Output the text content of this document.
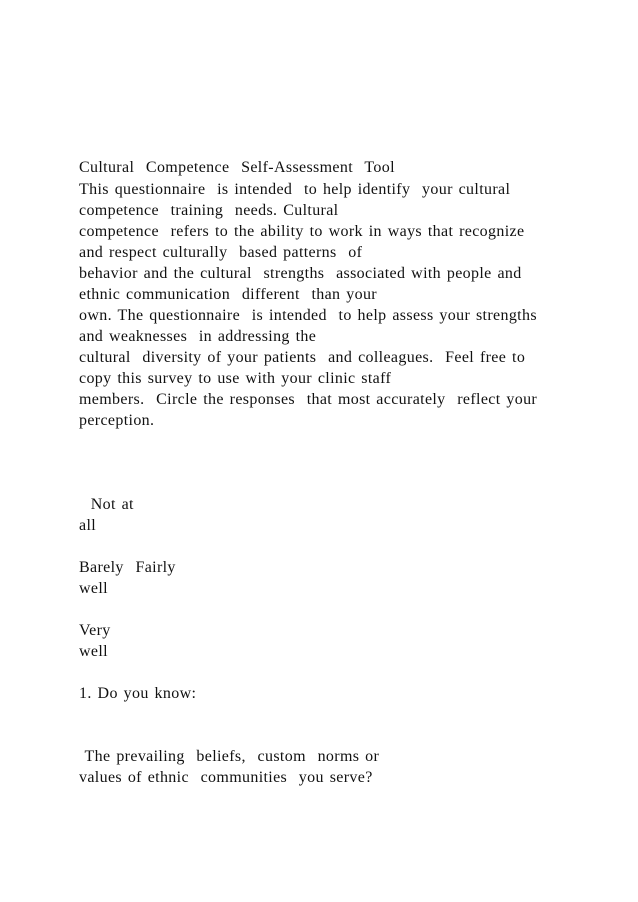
Cultural  Competence  Self-Assessment  Tool
This questionnaire  is intended  to help identify  your cultural
competence  training  needs. Cultural
competence  refers to the ability to work in ways that recognize
and respect culturally  based patterns  of
behavior and the cultural  strengths  associated with people and
ethnic communication  different  than your
own. The questionnaire  is intended  to help assess your strengths
and weaknesses  in addressing the
cultural  diversity of your patients  and colleagues.  Feel free to
copy this survey to use with your clinic staff
members.  Circle the responses  that most accurately  reflect your
perception.
Not at
all
Barely  Fairly
well
Very
well
1. Do you know:
The prevailing  beliefs,  custom  norms or
values of ethnic  communities  you serve?
